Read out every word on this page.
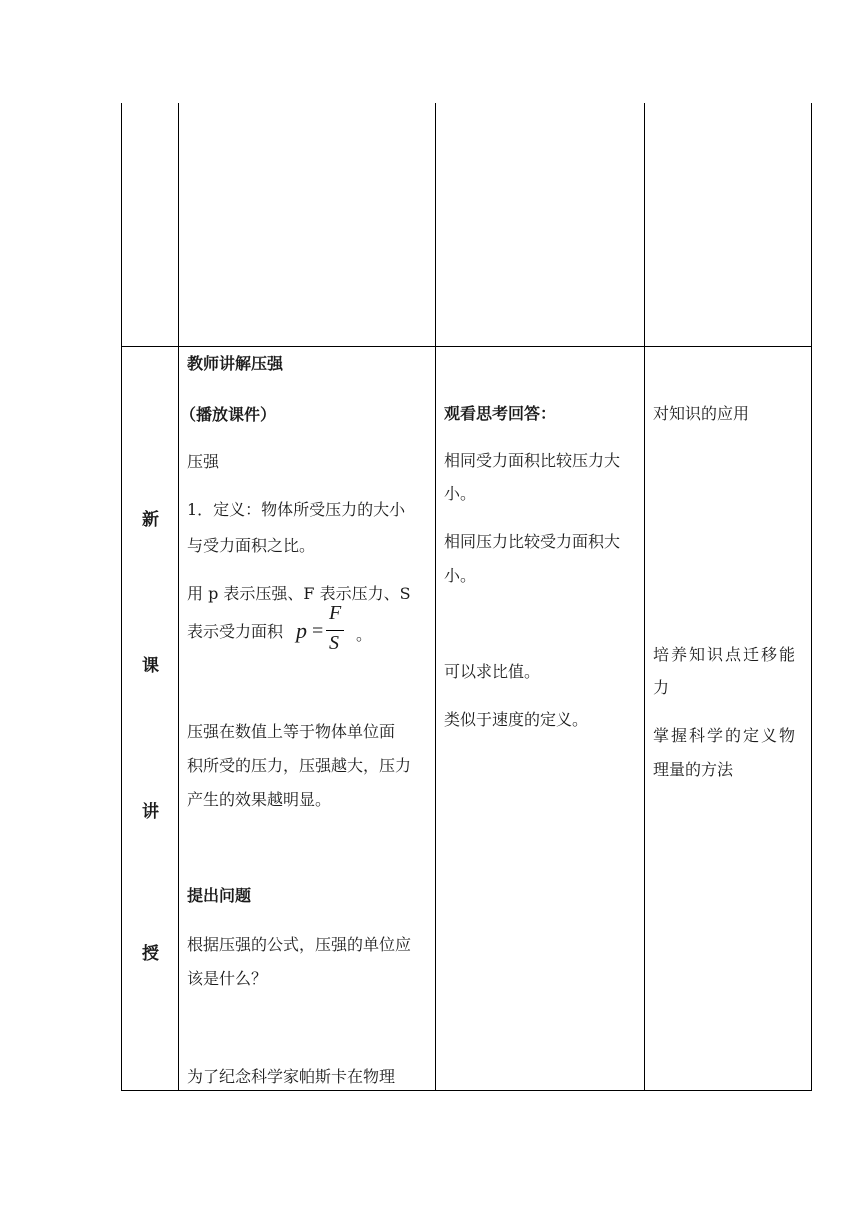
新
课
讲
授
教师讲解压强
（播放课件）
压强
1．定义：物体所受压力的大小
与受力面积之比。
用 p 表示压强、F 表示压力、S
表示受力面积 p =
F
S 。
压强在数值上等于物体单位面
积所受的压力，压强越大，压力
产生的效果越明显。
提出问题
根据压强的公式，压强的单位应
该是什么？
为了纪念科学家帕斯卡在物理
观看思考回答：
相同受力面积比较压力大
小。
相同压力比较受力面积大
小。
可以求比值。
类似于速度的定义。
对知识的应用
培养知识点迁移能
力
掌握科学的定义物
理量的方法
